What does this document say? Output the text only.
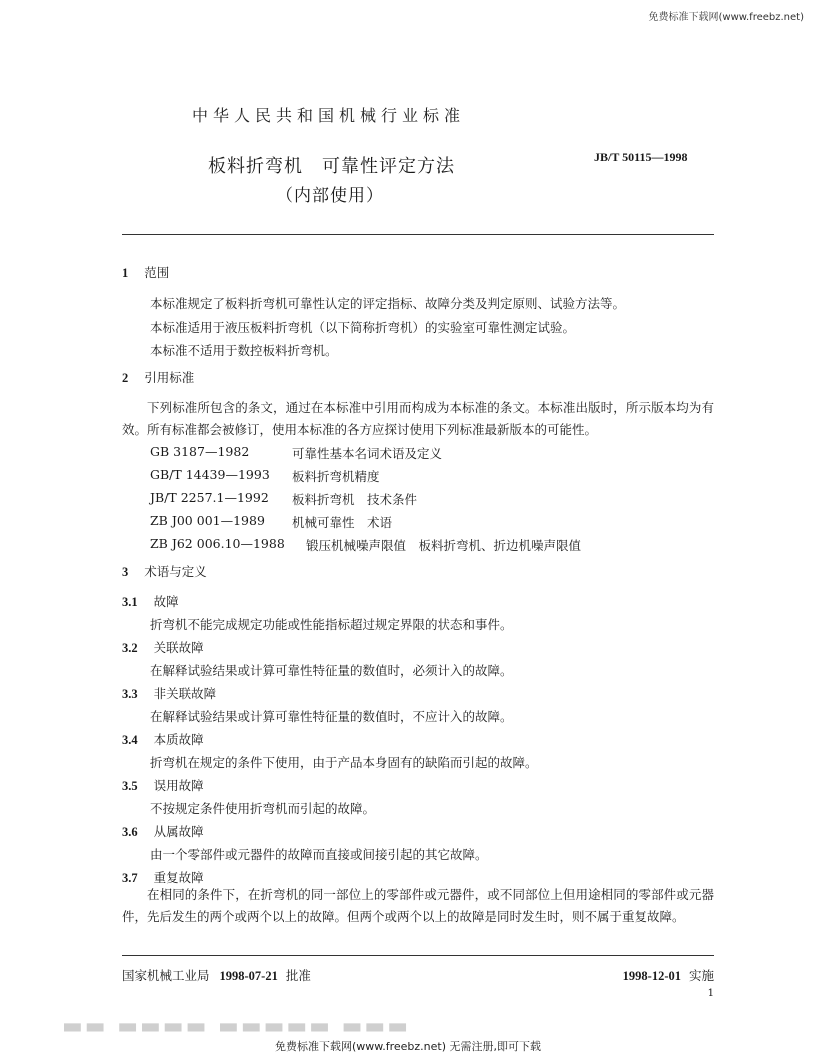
免费标准下载网(www.freebz.net)
中华人民共和国机械行业标准
板料折弯机　可靠性评定方法
（内部使用）
JB/T 50115—1998
1 范围
本标准规定了板料折弯机可靠性认定的评定指标、故障分类及判定原则、试验方法等。
本标准适用于液压板料折弯机（以下简称折弯机）的实验室可靠性测定试验。
本标准不适用于数控板料折弯机。
2 引用标准
下列标准所包含的条文，通过在本标准中引用而构成为本标准的条文。本标准出版时，所示版本均为有效。所有标准都会被修订，使用本标准的各方应探讨使用下列标准最新版本的可能性。
GB 3187—1982	可靠性基本名词术语及定义
GB/T 14439—1993 板料折弯机精度
JB/T 2257.1—1992 板料折弯机　技术条件
ZB J00 001—1989 机械可靠性　术语
ZB J62 006.10—1988 锻压机械噪声限值　板料折弯机、折边机噪声限值
3 术语与定义
3.1 故障
折弯机不能完成规定功能或性能指标超过规定界限的状态和事件。
3.2 关联故障
在解释试验结果或计算可靠性特征量的数值时，必须计入的故障。
3.3 非关联故障
在解释试验结果或计算可靠性特征量的数值时，不应计入的故障。
3.4 本质故障
折弯机在规定的条件下使用，由于产品本身固有的缺陷而引起的故障。
3.5 误用故障
不按规定条件使用折弯机而引起的故障。
3.6 从属故障
由一个零部件或元器件的故障而直接或间接引起的其它故障。
3.7 重复故障
在相同的条件下，在折弯机的同一部位上的零部件或元器件，或不同部位上但用途相同的零部件或元器件，先后发生的两个或两个以上的故障。但两个或两个以上的故障是同时发生时，则不属于重复故障。
国家机械工业局 1998-07-21 批准	1998-12-01 实施
1
▬▬ ▬▬▬▬ ▬▬▬▬▬ ▬▬▬
免费标准下载网(www.freebz.net) 无需注册,即可下载
